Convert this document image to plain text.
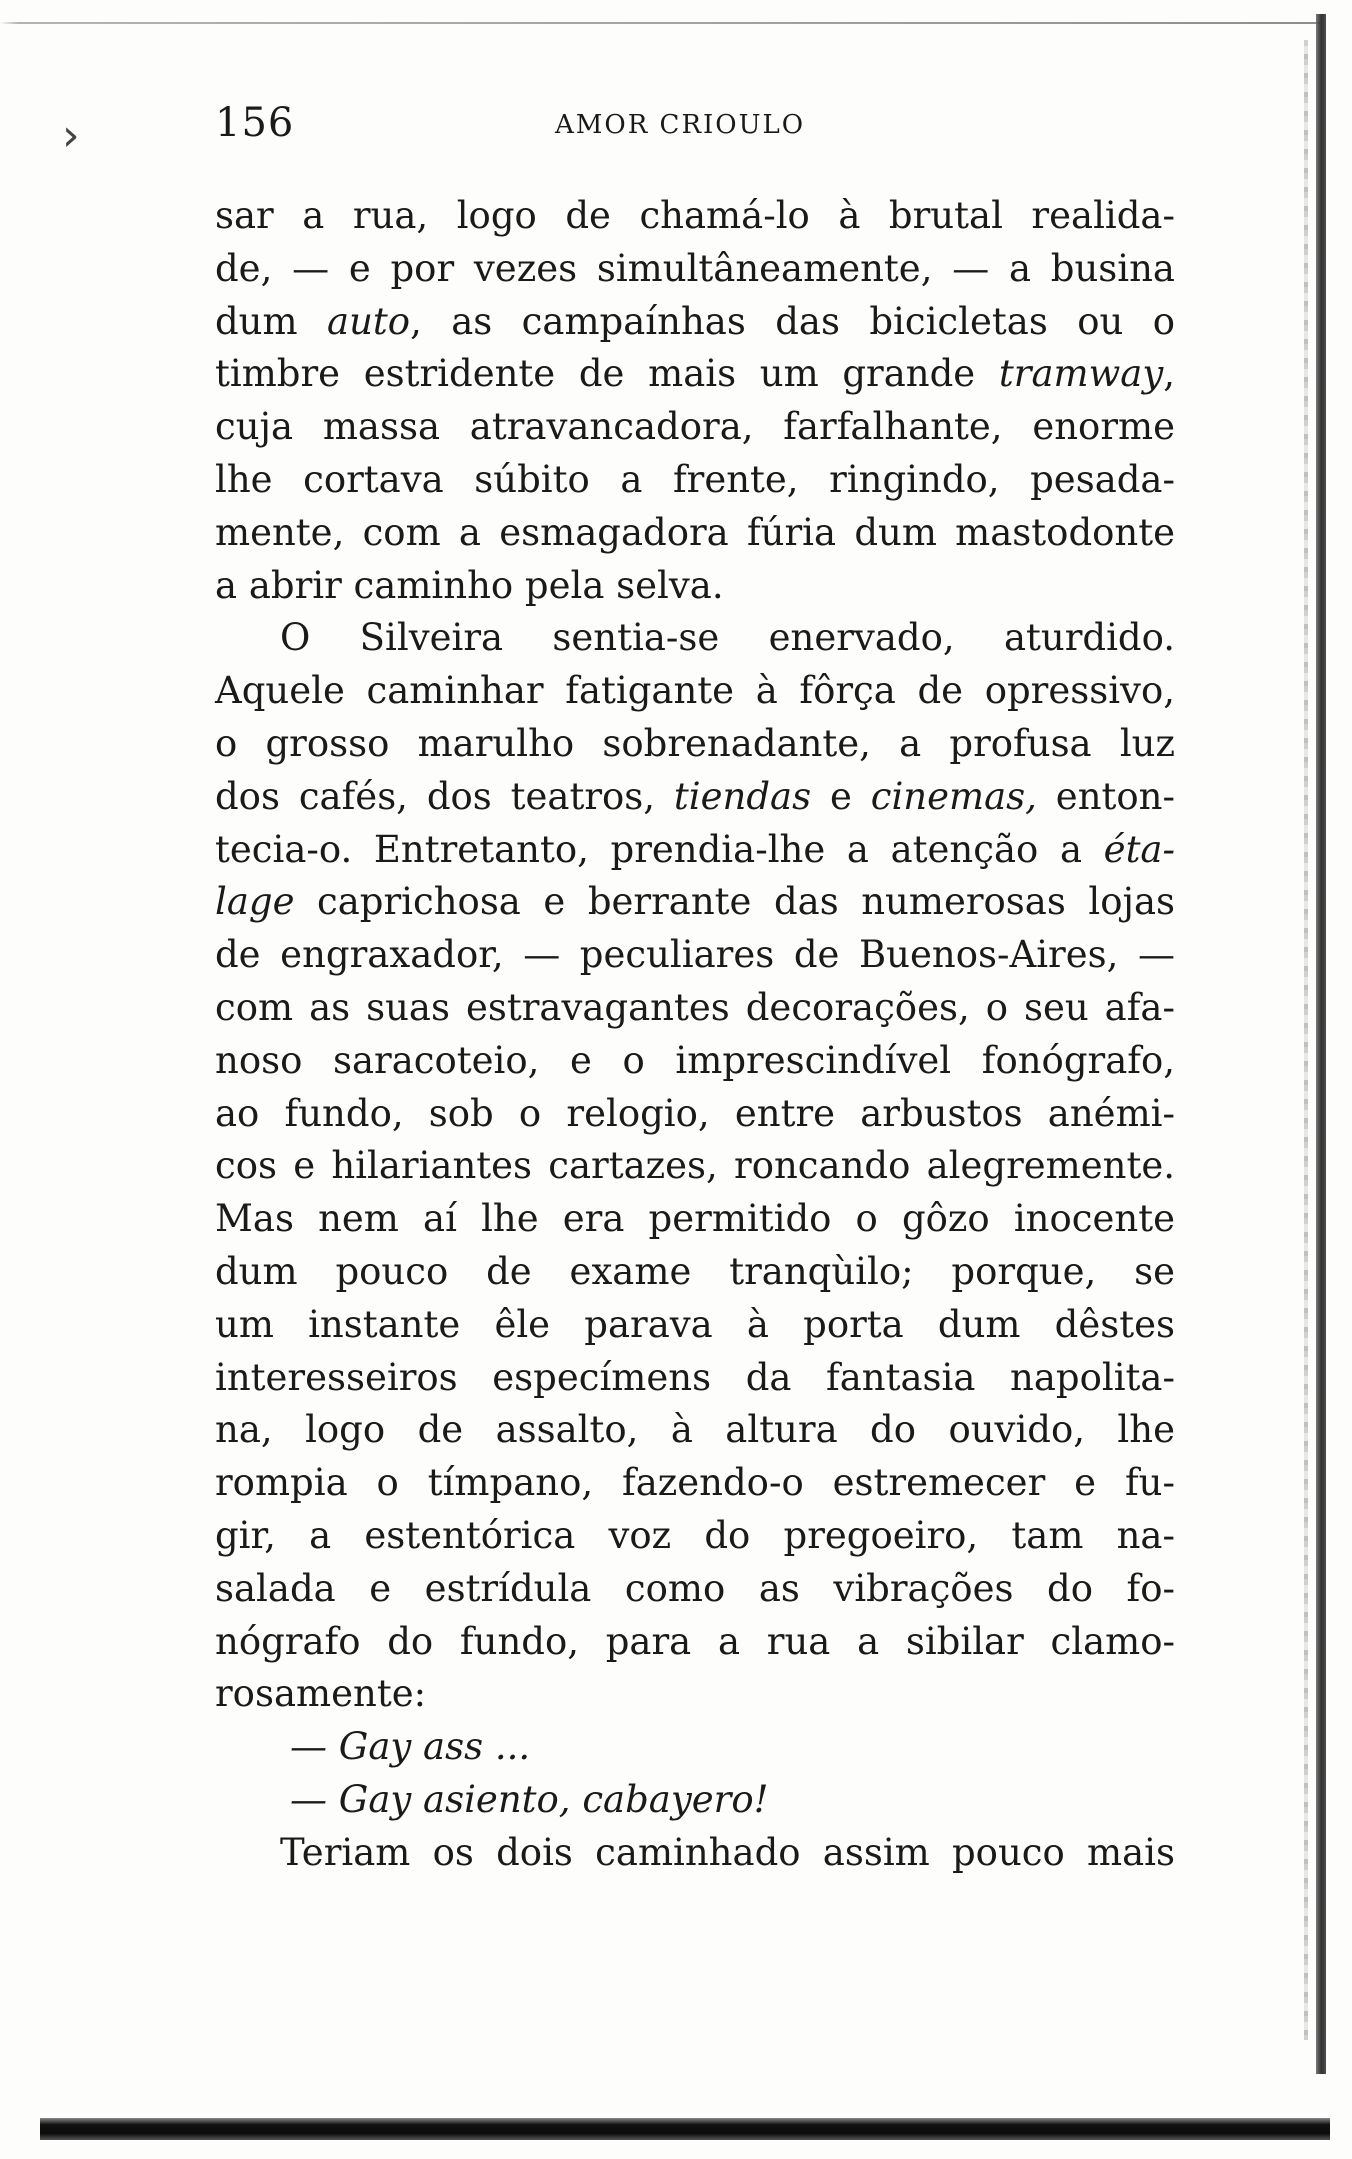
›	156	AMOR CRIOULO
sar a rua, logo de chamá-lo à brutal realida-
de, — e por vezes simultâneamente, — a busina
dum auto, as campaínhas das bicicletas ou o
timbre estridente de mais um grande tramway,
cuja massa atravancadora, farfalhante, enorme
lhe cortava súbito a frente, ringindo, pesada-
mente, com a esmagadora fúria dum mastodonte
a abrir caminho pela selva.
O Silveira sentia-se enervado, aturdido.
Aquele caminhar fatigante à fôrça de opressivo,
o grosso marulho sobrenadante, a profusa luz
dos cafés, dos teatros, tiendas e cinemas, enton-
tecia-o. Entretanto, prendia-lhe a atenção a éta-
lage caprichosa e berrante das numerosas lojas
de engraxador, — peculiares de Buenos-Aires, —
com as suas estravagantes decorações, o seu afa-
noso saracoteio, e o imprescindível fonógrafo,
ao fundo, sob o relogio, entre arbustos anémi-
cos e hilariantes cartazes, roncando alegremente.
Mas nem aí lhe era permitido o gôzo inocente
dum pouco de exame tranqùilo; porque, se
um instante êle parava à porta dum dêstes
interesseiros especímens da fantasia napolita-
na, logo de assalto, à altura do ouvido, lhe
rompia o tímpano, fazendo-o estremecer e fu-
gir, a estentórica voz do pregoeiro, tam na-
salada e estrídula como as vibrações do fo-
nógrafo do fundo, para a rua a sibilar clamo-
rosamente:
— Gay ass ...
— Gay asiento, cabayero!
Teriam os dois caminhado assim pouco mais
